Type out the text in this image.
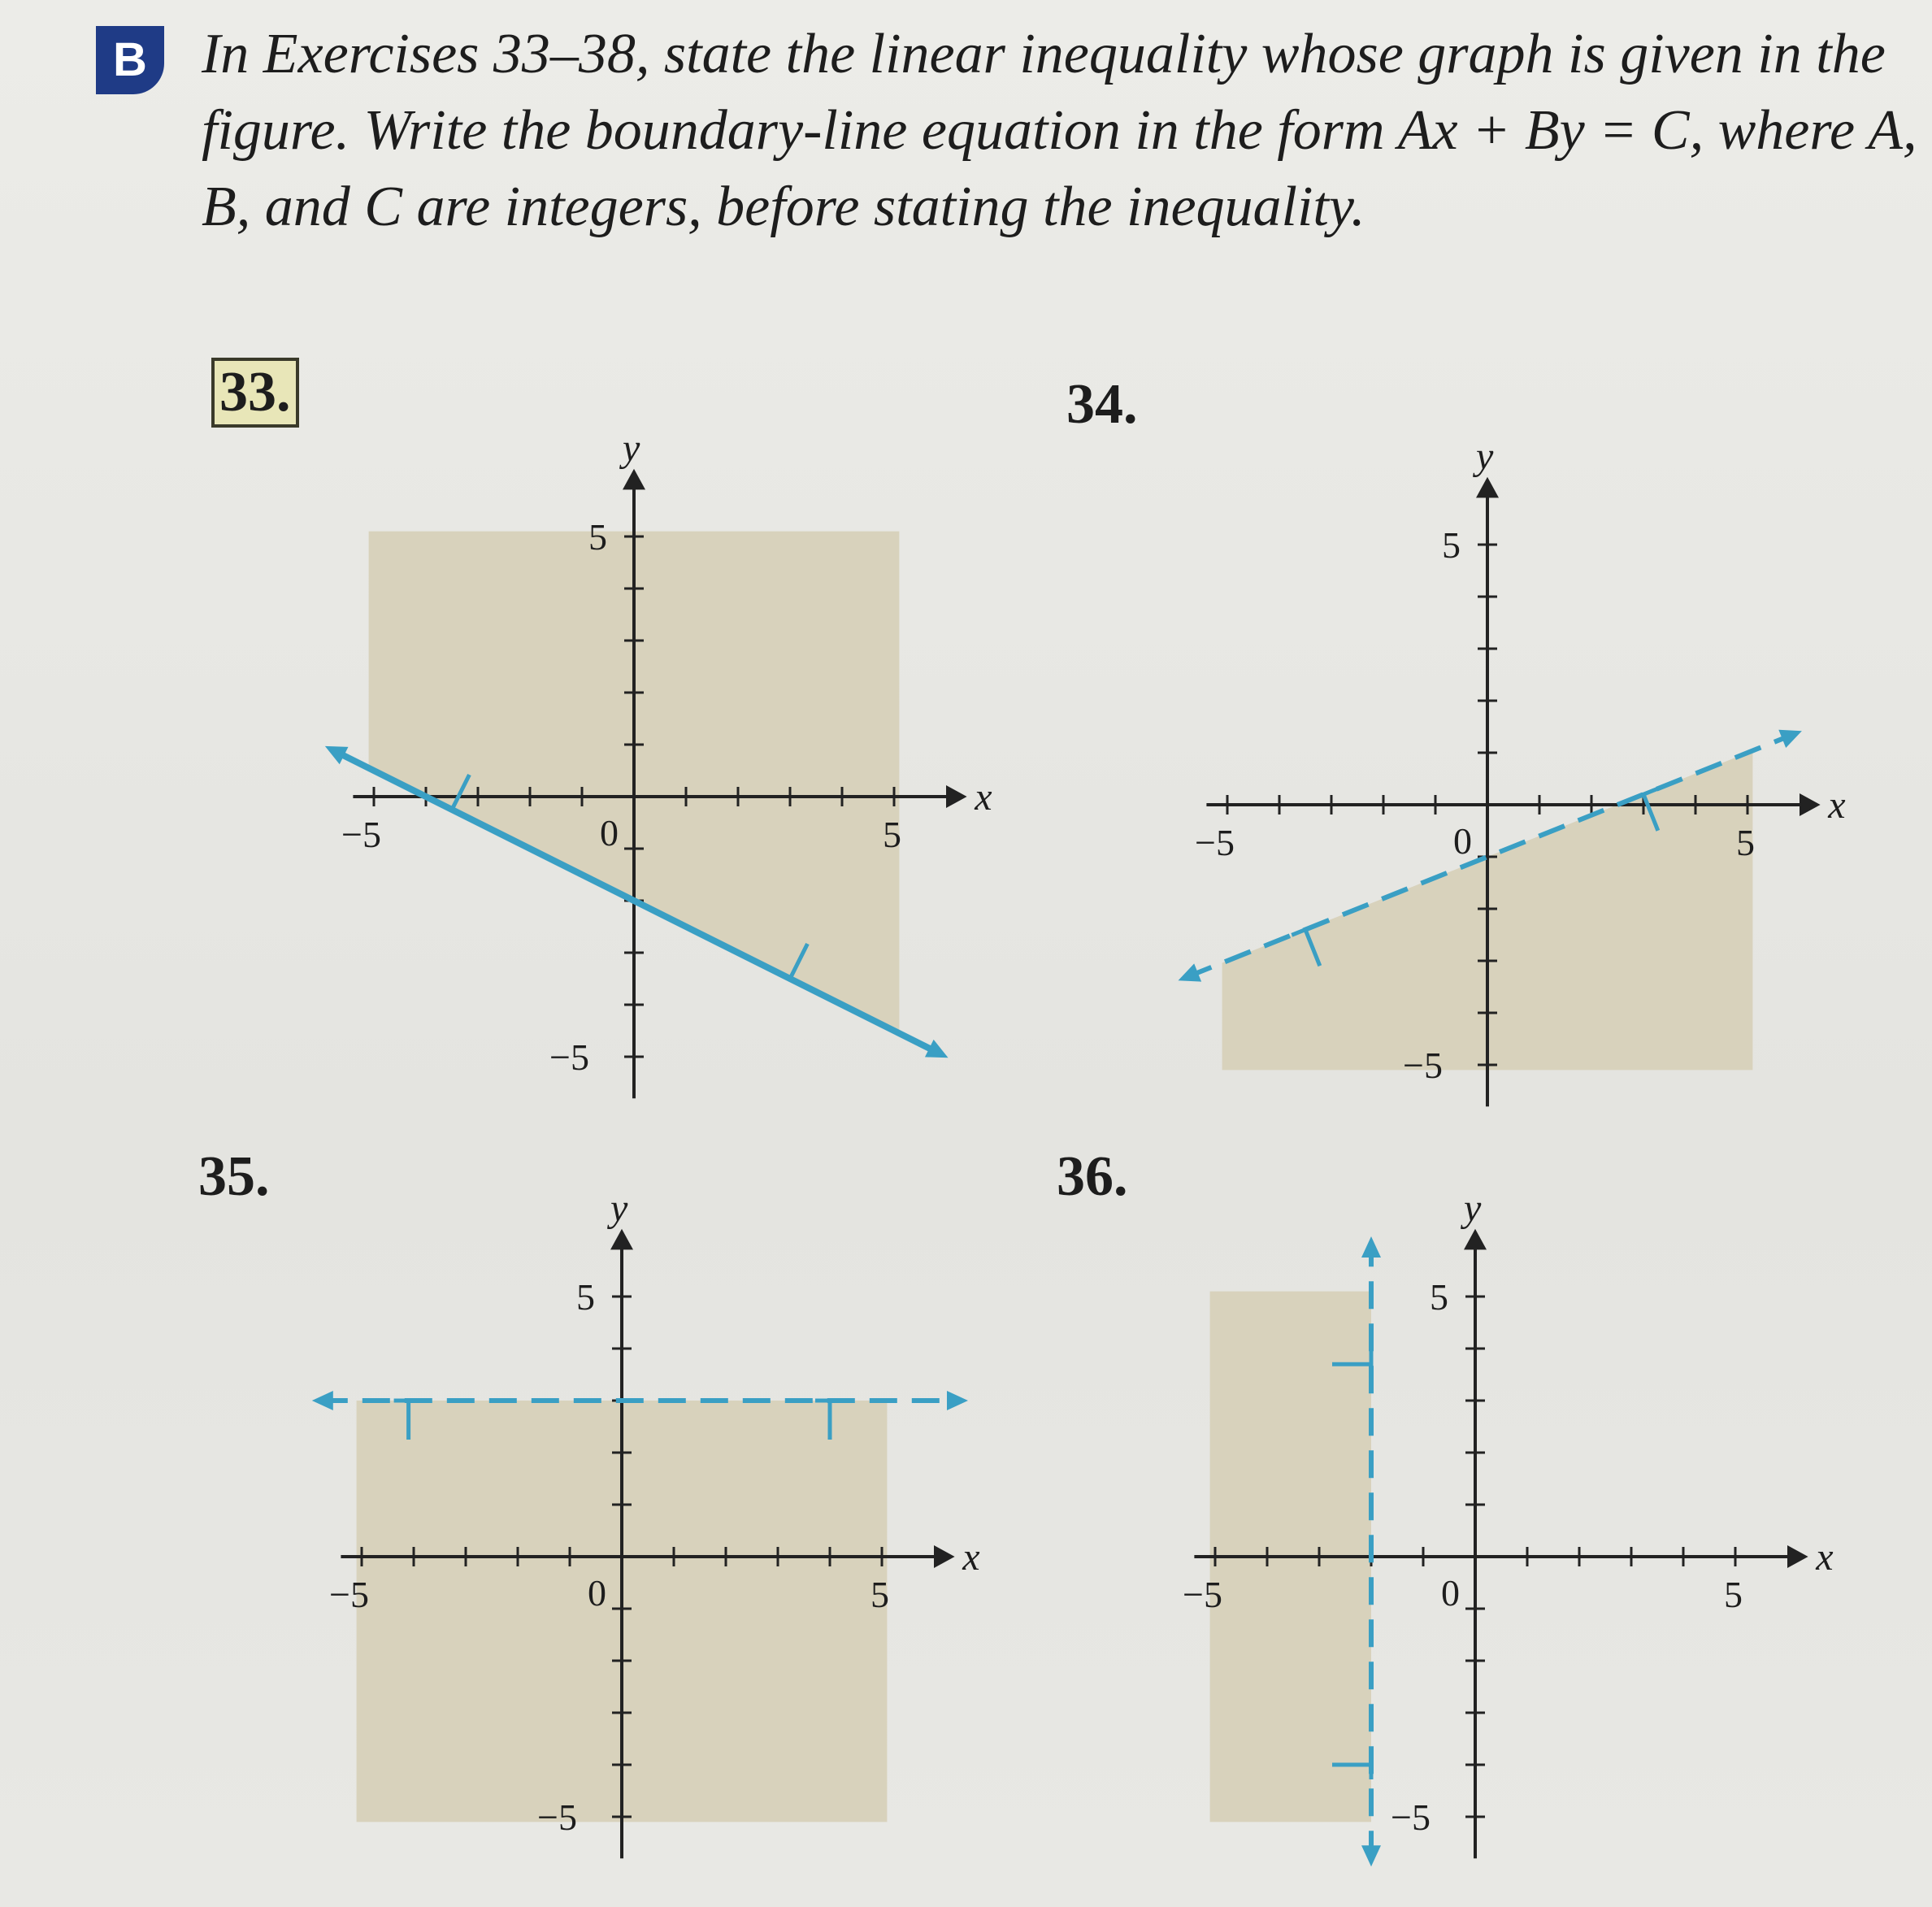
B In Exercises 33–38, state the linear inequality whose graph is given in the figure. Write the boundary-line equation in the form Ax + By = C, where A, B, and C are integers, before stating the inequality.

33.	34.
35.	36.
x
y
0
−5	5
5
−5
x
y
0
−5	5
5
−5
x
y
0
−5	5
5
−5
x
y
0
−5	5
5
−5
